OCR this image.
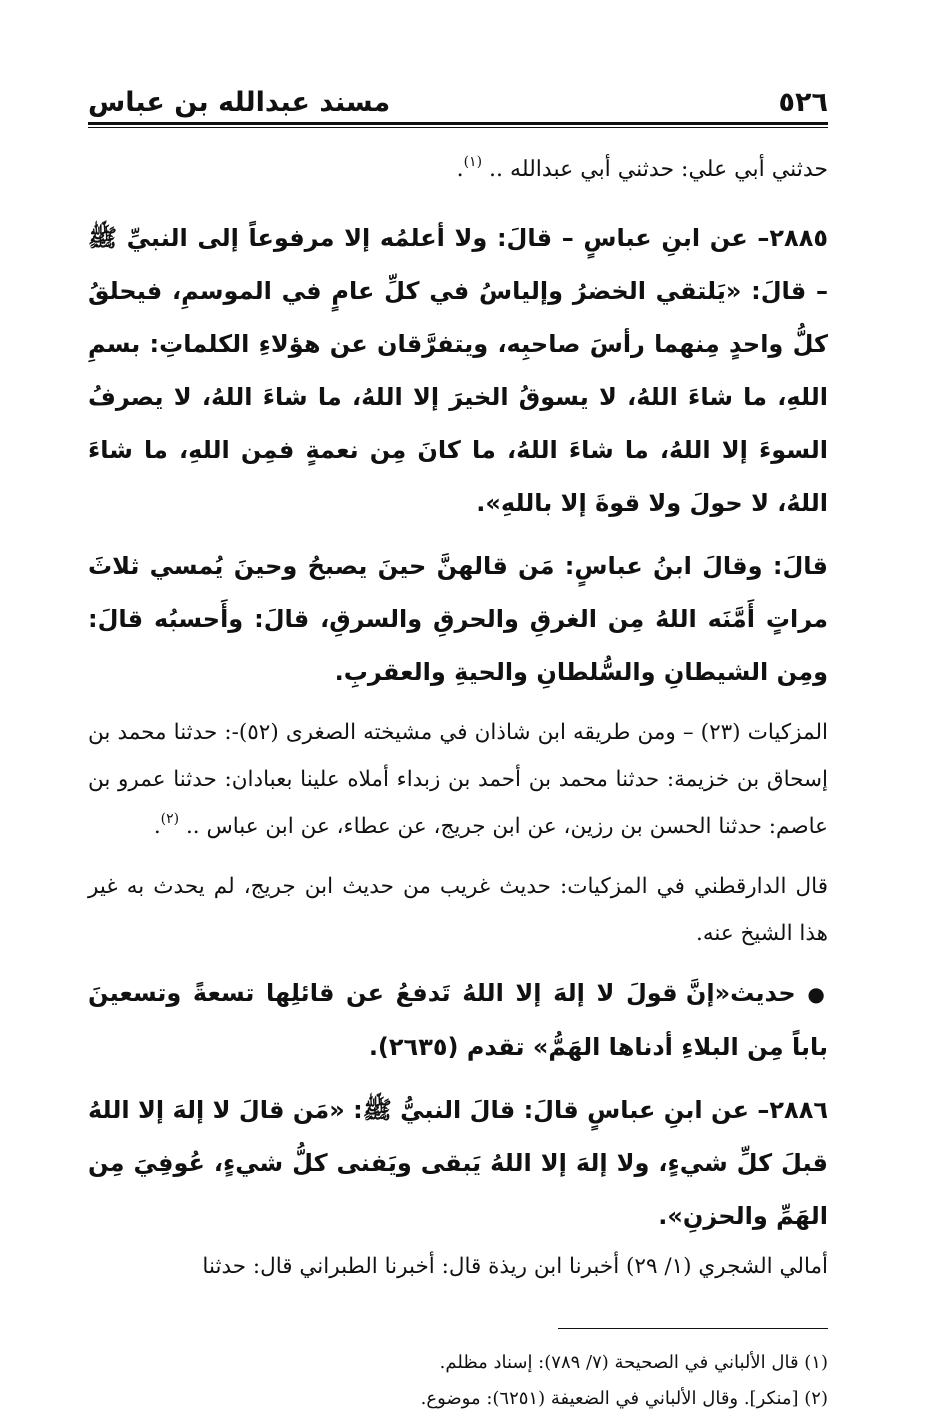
٥٢٦
مسند عبدالله بن عباس

حدثني أبي علي: حدثني أبي عبدالله .. $^{(١)}$.

٢٨٨٥– عن ابنِ عباسٍ – قالَ: ولا أعلمُه إلا مرفوعاً إلى النبيِّ ﷺ – قالَ: «يَلتقي الخضرُ وإلياسُ في كلِّ عامٍ في الموسمِ، فيحلقُ كلُّ واحدٍ مِنهما رأسَ صاحبِه، ويتفرَّقان عن هؤلاءِ الكلماتِ: بسمِ اللهِ، ما شاءَ اللهُ، لا يسوقُ الخيرَ إلا اللهُ، ما شاءَ اللهُ، لا يصرفُ السوءَ إلا اللهُ، ما شاءَ اللهُ، ما كانَ مِن نعمةٍ فمِن اللهِ، ما شاءَ اللهُ، لا حولَ ولا قوةَ إلا باللهِ».

قالَ: وقالَ ابنُ عباسٍ: مَن قالهنَّ حينَ يصبحُ وحينَ يُمسي ثلاثَ مراتٍ أَمَّنَه اللهُ مِن الغرقِ والحرقِ والسرقِ، قالَ: وأَحسبُه قالَ: ومِن الشيطانِ والسُّلطانِ والحيةِ والعقربِ.

المزكيات (٢٣) – ومن طريقه ابن شاذان في مشيخته الصغرى (٥٢)-: حدثنا محمد بن إسحاق بن خزيمة: حدثنا محمد بن أحمد بن زبداء أملاه علينا بعبادان: حدثنا عمرو بن عاصم: حدثنا الحسن بن رزين، عن ابن جريج، عن عطاء، عن ابن عباس .. $^{(٢)}$.

قال الدارقطني في المزكيات: حديث غريب من حديث ابن جريج، لم يحدث به غير هذا الشيخ عنه.

● حديث«إنَّ قولَ لا إلهَ إلا اللهُ تَدفعُ عن قائلِها تسعةً وتسعينَ باباً مِن البلاءِ أدناها الهَمُّ» تقدم (٢٦٣٥).

٢٨٨٦– عن ابنِ عباسٍ قالَ: قالَ النبيُّ ﷺ: «مَن قالَ لا إلهَ إلا اللهُ قبلَ كلِّ شيءٍ، ولا إلهَ إلا اللهُ يَبقى ويَفنى كلُّ شيءٍ، عُوفِيَ مِن الهَمِّ والحزنِ».

أمالي الشجري (١/ ٢٩) أخبرنا ابن ريذة قال: أخبرنا الطبراني قال: حدثنا

(١) قال الألباني في الصحيحة (٧/ ٧٨٩): إسناد مظلم.

(٢) [منكر]. وقال الألباني في الضعيفة (٦٢٥١): موضوع.
